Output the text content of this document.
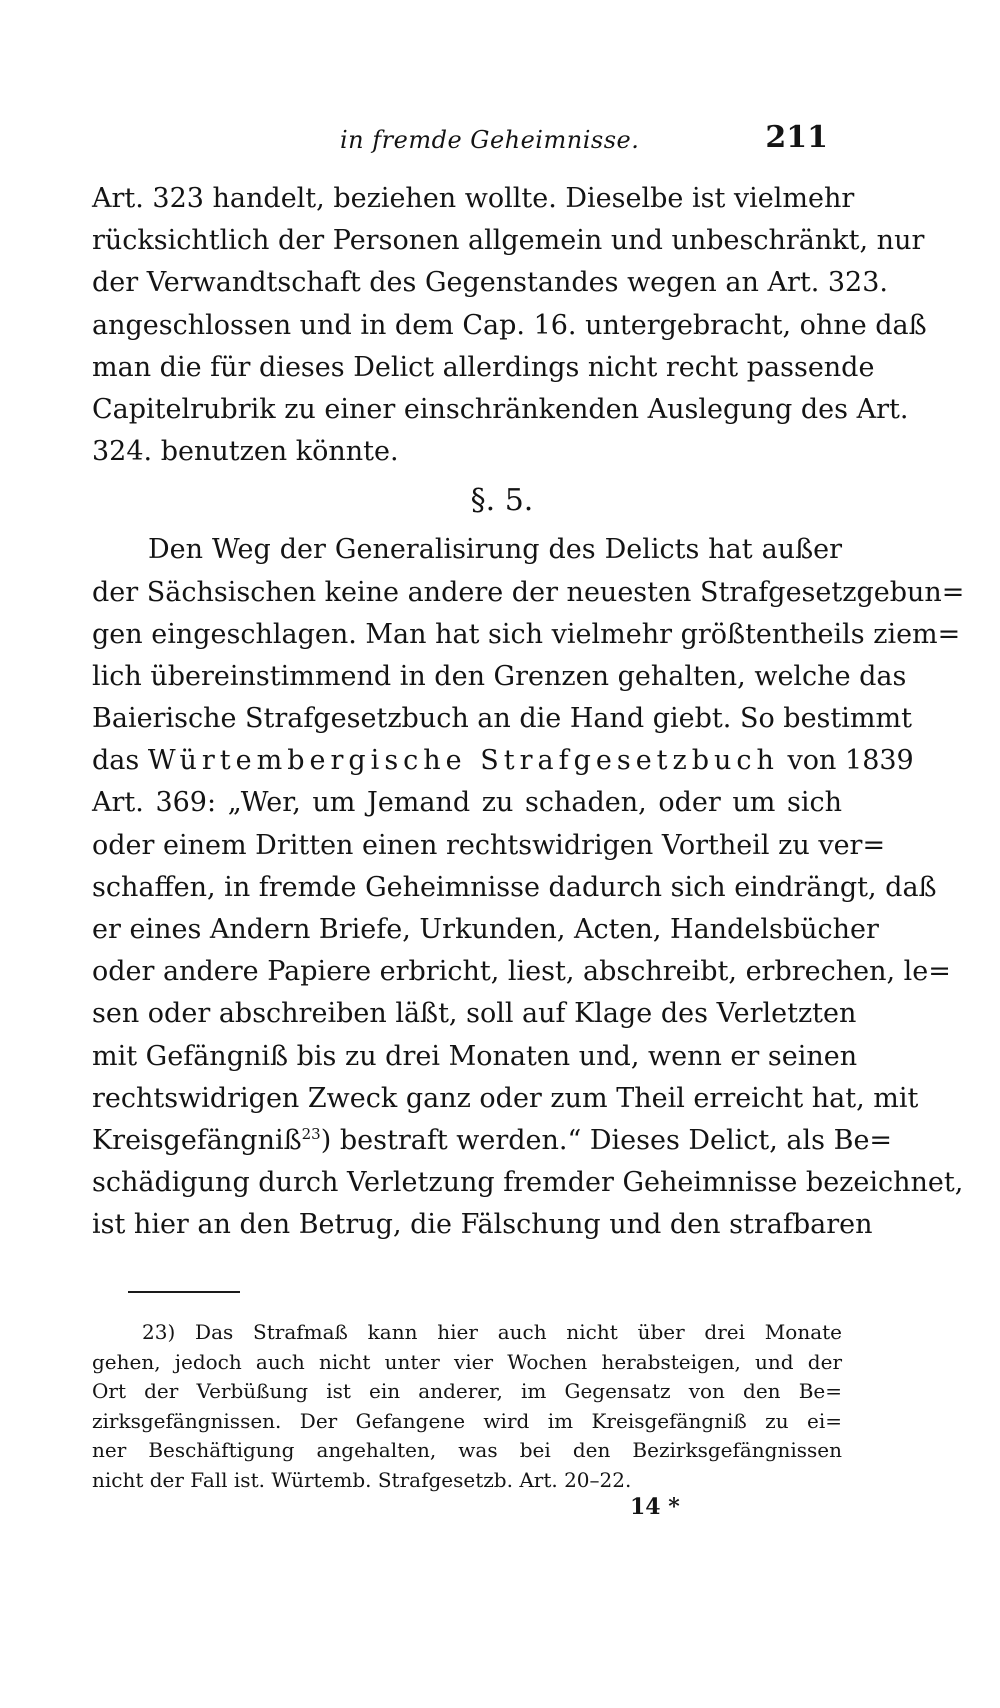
in fremde Geheimnisse.	211
Art. 323 handelt, beziehen wollte. Dieselbe ist vielmehr
rücksichtlich der Personen allgemein und unbeschränkt, nur
der Verwandtschaft des Gegenstandes wegen an Art. 323.
angeschlossen und in dem Cap. 16. untergebracht, ohne daß
man die für dieses Delict allerdings nicht recht passende
Capitelrubrik zu einer einschränkenden Auslegung des Art.
324. benutzen könnte.
§. 5.
Den Weg der Generalisirung des Delicts hat außer
der Sächsischen keine andere der neuesten Strafgesetzgebun=
gen eingeschlagen. Man hat sich vielmehr größtentheils ziem=
lich übereinstimmend in den Grenzen gehalten, welche das
Baierische Strafgesetzbuch an die Hand giebt. So bestimmt
das Würtembergische Strafgesetzbuch von 1839
Art. 369: „Wer, um Jemand zu schaden, oder um sich
oder einem Dritten einen rechtswidrigen Vortheil zu ver=
schaffen, in fremde Geheimnisse dadurch sich eindrängt, daß
er eines Andern Briefe, Urkunden, Acten, Handelsbücher
oder andere Papiere erbricht, liest, abschreibt, erbrechen, le=
sen oder abschreiben läßt, soll auf Klage des Verletzten
mit Gefängniß bis zu drei Monaten und, wenn er seinen
rechtswidrigen Zweck ganz oder zum Theil erreicht hat, mit
Kreisgefängniß$^{23}$) bestraft werden.“ Dieses Delict, als Be=
schädigung durch Verletzung fremder Geheimnisse bezeichnet,
ist hier an den Betrug, die Fälschung und den strafbaren
23) Das Strafmaß kann hier auch nicht über drei Monate
gehen, jedoch auch nicht unter vier Wochen herabsteigen, und der
Ort der Verbüßung ist ein anderer, im Gegensatz von den Be=
zirksgefängnissen. Der Gefangene wird im Kreisgefängniß zu ei=
ner Beschäftigung angehalten, was bei den Bezirksgefängnissen
nicht der Fall ist. Würtemb. Strafgesetzb. Art. 20–22.
14 *
